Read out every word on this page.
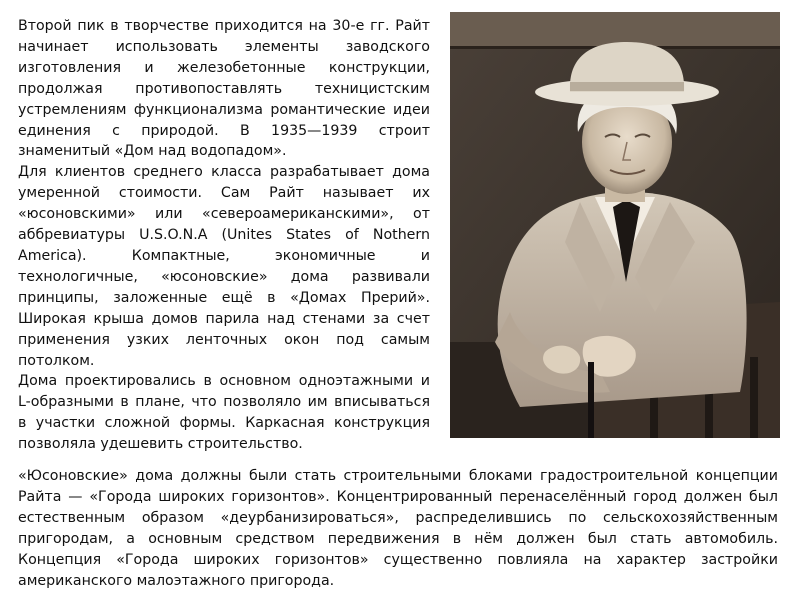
Второй пик в творчестве приходится на 30-е гг. Райт начинает использовать элементы заводского изготовления и железобетонные конструкции, продолжая противопоставлять техницистским устремлениям функционализма романтические идеи единения с природой. В 1935—1939 строит знаменитый «Дом над водопадом».

Для клиентов среднего класса разрабатывает дома умеренной стоимости. Сам Райт называет их «юсоновскими» или «североамериканскими», от аббревиатуры U.S.O.N.A (Unites States of Nothern America). Компактные, экономичные и технологичные, «юсоновские» дома развивали принципы, заложенные ещё в «Домах Прерий». Широкая крыша домов парила над стенами за счет применения узких ленточных окон под самым потолком.

Дома проектировались в основном одноэтажными и L-образными в плане, что позволяло им вписываться в участки сложной формы. Каркасная конструкция позволяла удешевить строительство.

«Юсоновские» дома должны были стать строительными блоками градостроительной концепции Райта — «Города широких горизонтов». Концентрированный перенаселённый город должен был естественным образом «деурбанизироваться», распределившись по сельскохозяйственным пригородам, а основным средством передвижения в нём должен был стать автомобиль. Концепция «Города широких горизонтов» существенно повлияла на характер застройки американского малоэтажного пригорода.
